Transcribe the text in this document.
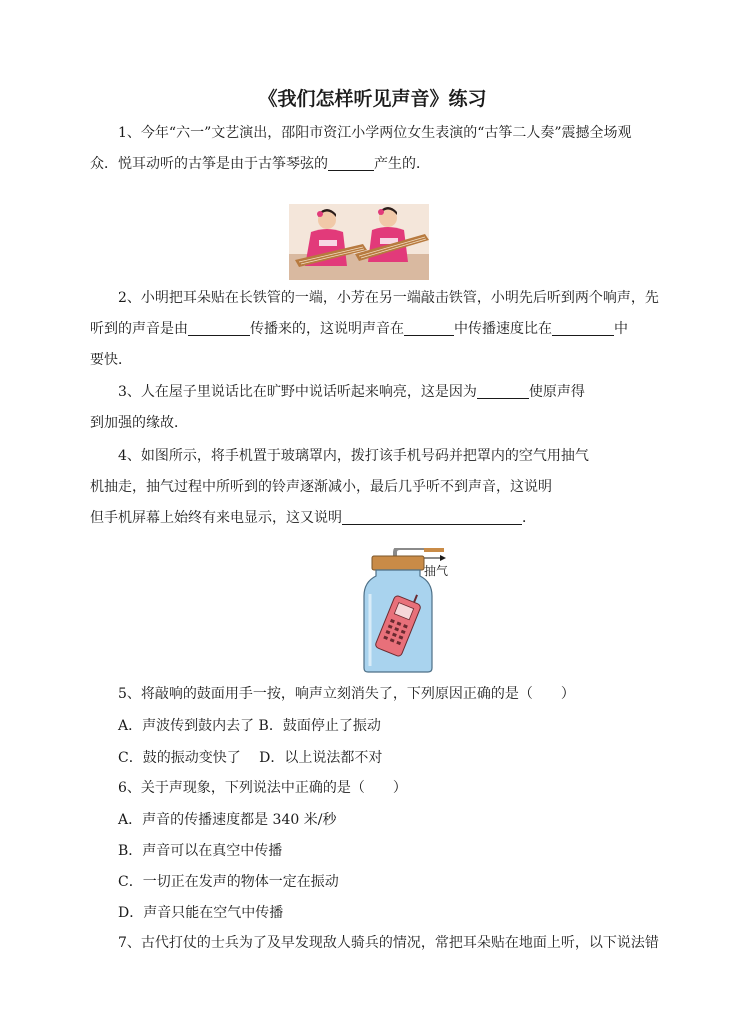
《我们怎样听见声音》练习
1、今年“六一”文艺演出，邵阳市资江小学两位女生表演的“古筝二人奏”震撼全场观
众．悦耳动听的古筝是由于古筝琴弦的	产生的．
2、小明把耳朵贴在长铁管的一端，小芳在另一端敲击铁管，小明先后听到两个响声，先
听到的声音是由	传播来的，这说明声音在	中传播速度比在	中
要快．
3、人在屋子里说话比在旷野中说话听起来响亮，这是因为	使原声得
到加强的缘故．
4、如图所示，将手机置于玻璃罩内，拨打该手机号码并把罩内的空气用抽气
机抽走，抽气过程中所听到的铃声逐渐减小，最后几乎听不到声音，这说明
但手机屏幕上始终有来电显示，这又说明	．
抽气
5、将敲响的鼓面用手一按，响声立刻消失了，下列原因正确的是（　　）
A．声波传到鼓内去了 B．鼓面停止了振动
C．鼓的振动变快了　 D．以上说法都不对
6、关于声现象，下列说法中正确的是（　　）
A．声音的传播速度都是 340 米/秒
B．声音可以在真空中传播
C．一切正在发声的物体一定在振动
D．声音只能在空气中传播
7、古代打仗的士兵为了及早发现敌人骑兵的情况，常把耳朵贴在地面上听，以下说法错
